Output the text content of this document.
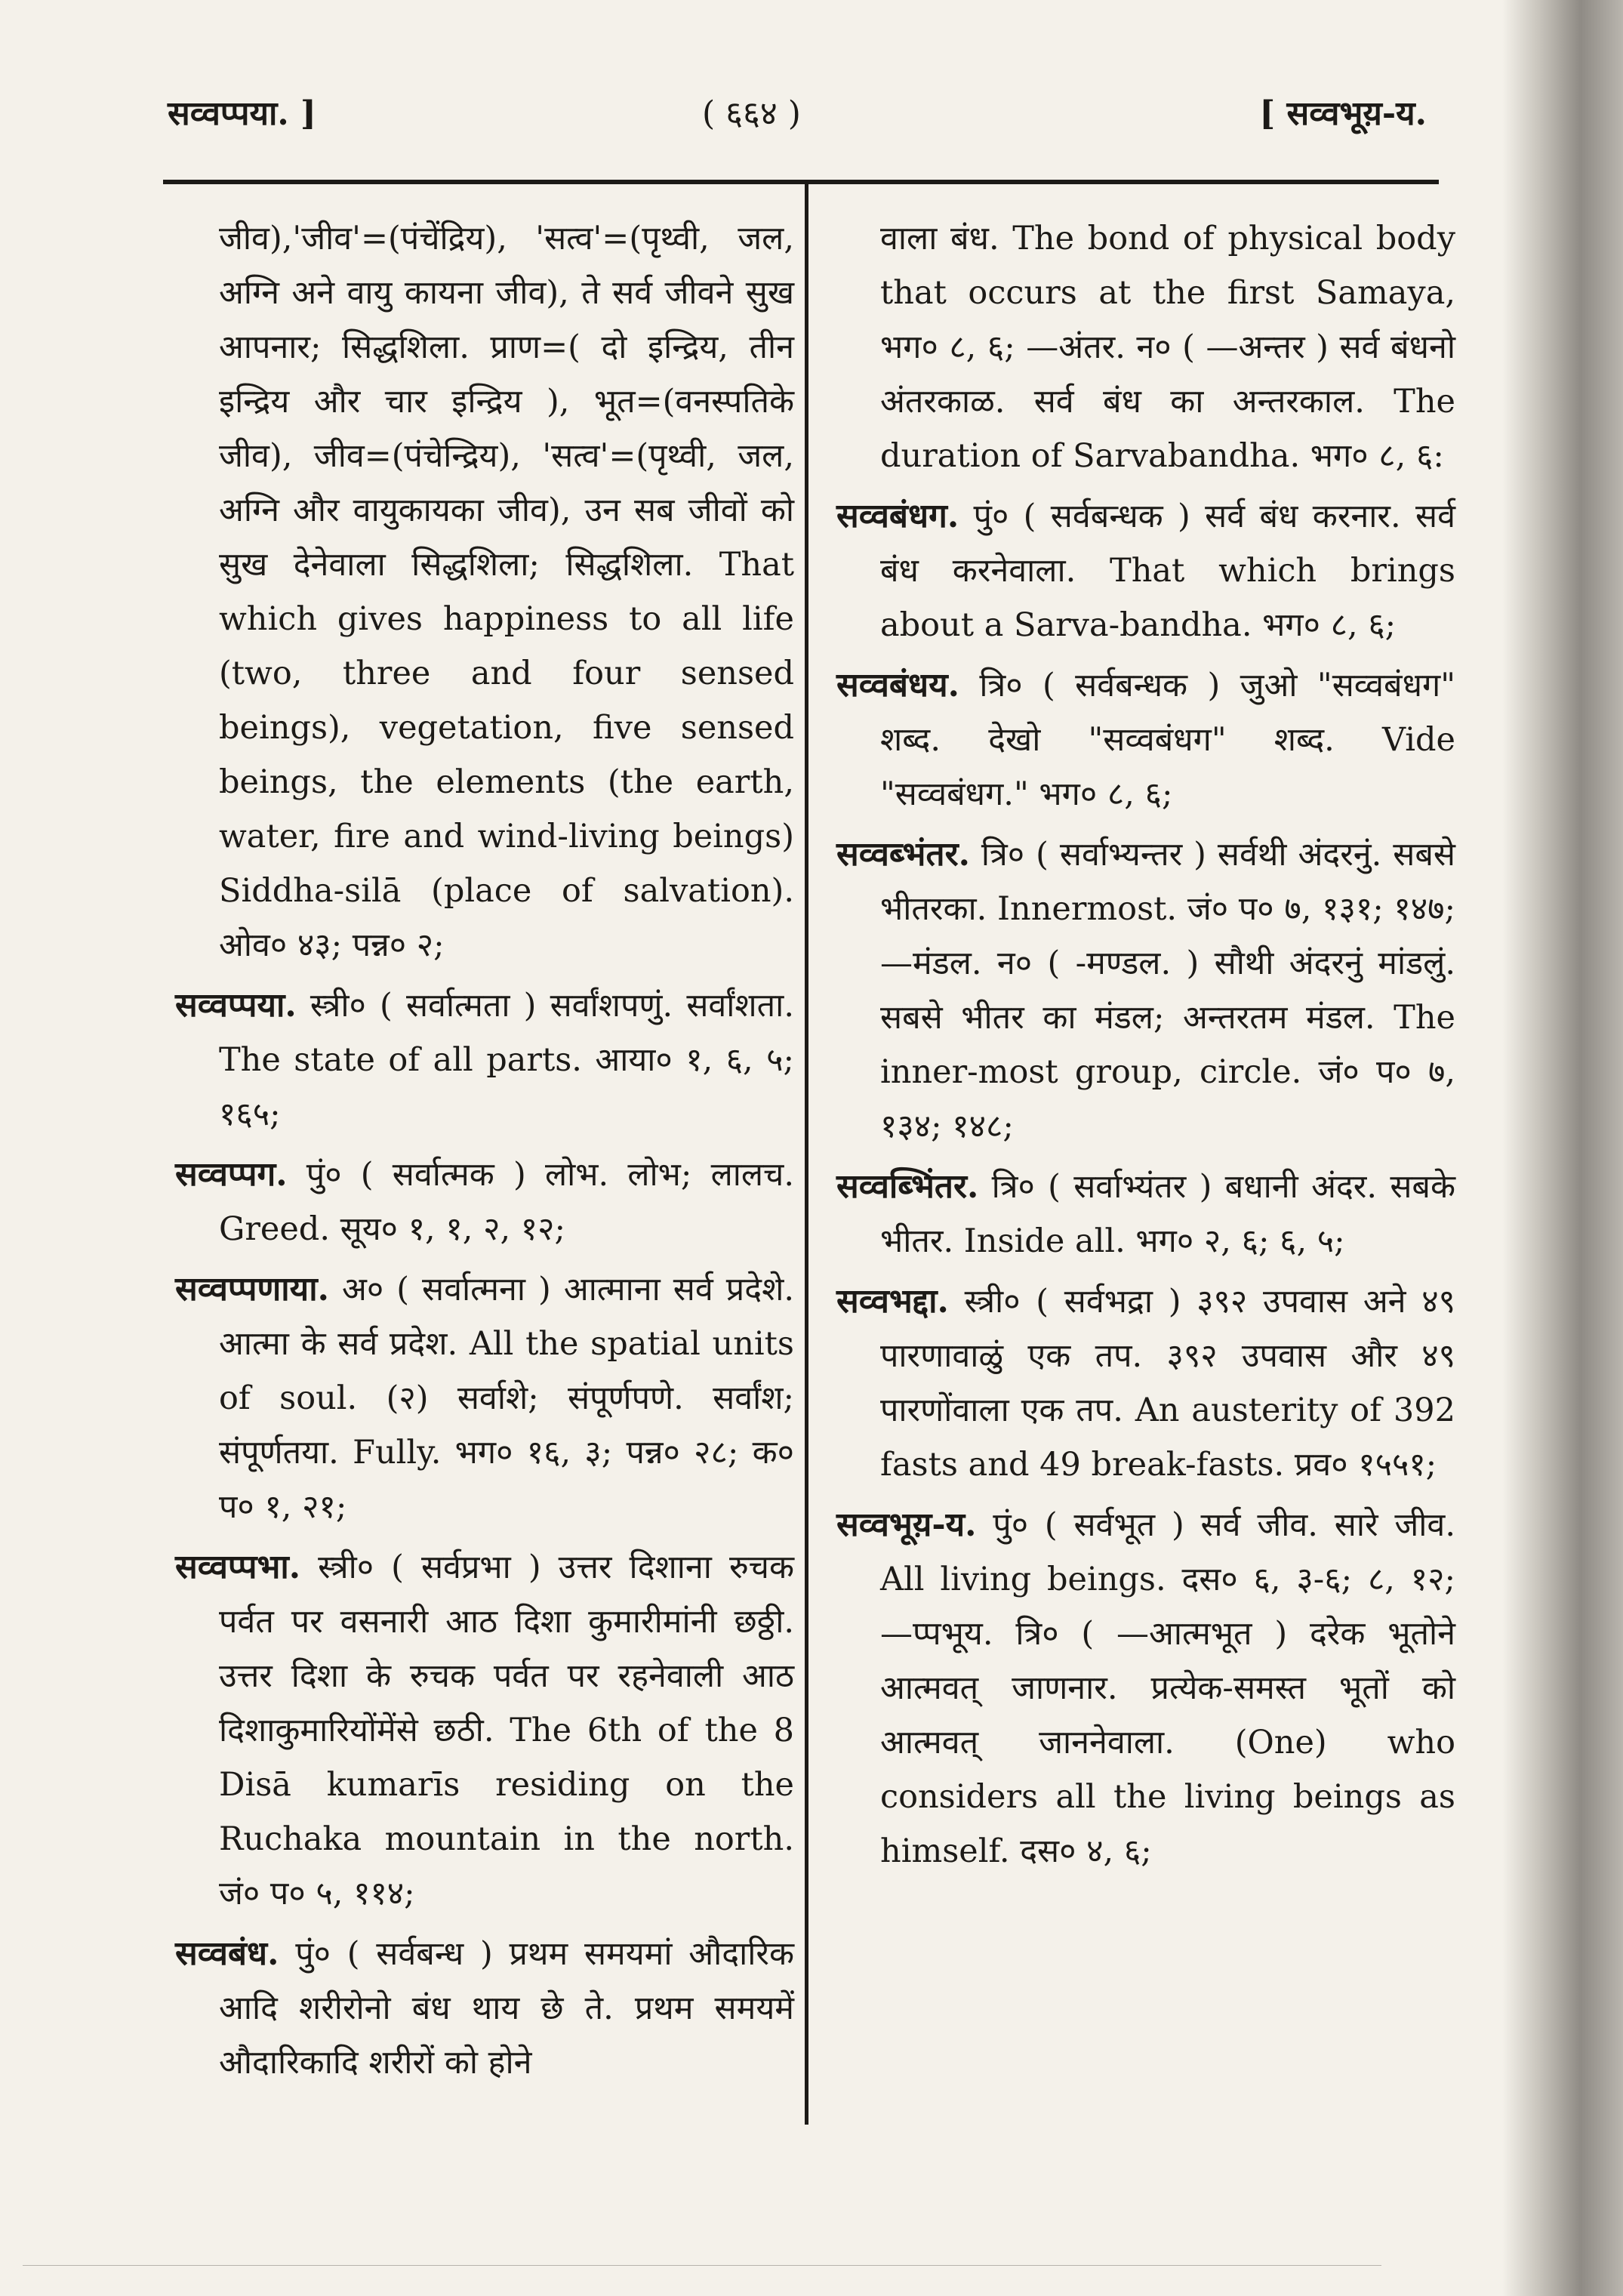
सव्वप्पया. ]	( ६६४ )	[ सव्वभूय़-य.

जीव),'जीव'=(पंचेंद्रिय), 'सत्व'=(पृथ्वी, जल, अग्नि अने वायु कायना जीव), ते सर्व जीवने सुख आपनार; सिद्धशिला. प्राण=( दो इन्द्रिय, तीन इन्द्रिय और चार इन्द्रिय ), भूत=(वनस्पतिके जीव), जीव=(पंचेन्द्रिय), 'सत्व'=(पृथ्वी, जल, अग्नि और वायुकायका जीव), उन सब जीवों को सुख देनेवाला सिद्धशिला; सिद्धशिला. That which gives happiness to all life (two, three and four sensed beings), vegetation, five sensed beings, the elements (the earth, water, fire and wind-living beings) Siddha-silā (place of salvation). ओव० ४३; पन्न० २;

सव्वप्पया. स्त्री० ( सर्वात्मता ) सर्वांशपणुं. सर्वांशता. The state of all parts. आया० १, ६, ५; १६५;

सव्वप्पग. पुं० ( सर्वात्मक ) लोभ. लोभ; लालच. Greed. सूय० १, १, २, १२;

सव्वप्पणाया. अ० ( सर्वात्मना ) आत्माना सर्व प्रदेशे. आत्मा के सर्व प्रदेश. All the spatial units of soul. (२) सर्वाशे; संपूर्णपणे. सर्वांश; संपूर्णतया. Fully. भग० १६, ३; पन्न० २८; क० प० १, २१;

सव्वप्पभा. स्त्री० ( सर्वप्रभा ) उत्तर दिशाना रुचक पर्वत पर वसनारी आठ दिशा कुमारीमांनी छठ्ठी. उत्तर दिशा के रुचक पर्वत पर रहनेवाली आठ दिशाकुमारियोंमेंसे छठी. The 6th of the 8 Disā kumarīs residing on the Ruchaka mountain in the north. जं० प० ५, ११४;

सव्वबंध. पुं० ( सर्वबन्ध ) प्रथम समयमां औदारिक आदि शरीरोनो बंध थाय छे ते. प्रथम समयमें औदारिकादि शरीरों को होने

वाला बंध. The bond of physical body that occurs at the first Samaya, भग० ८, ६; —अंतर. न० ( —अन्तर ) सर्व बंधनो अंतरकाळ. सर्व बंध का अन्तरकाल. The duration of Sarvabandha. भग० ८, ६:

सव्वबंधग. पुं० ( सर्वबन्धक ) सर्व बंध करनार. सर्व बंध करनेवाला. That which brings about a Sarva-bandha. भग० ८, ६;

सव्वबंधय. त्रि० ( सर्वबन्धक ) जुओ "सव्वबंधग" शब्द. देखो "सव्वबंधग" शब्द. Vide "सव्वबंधग." भग० ८, ६;

सव्वब्भंतर. त्रि० ( सर्वाभ्यन्तर ) सर्वथी अंदरनुं. सबसे भीतरका. Innermost. जं० प० ७, १३१; १४७; —मंडल. न० ( -मण्डल. ) सौथी अंदरनुं मांडलुं. सबसे भीतर का मंडल; अन्तरतम मंडल. The inner-most group, circle. जं० प० ७, १३४; १४८;

सव्वब्भिंतर. त्रि० ( सर्वाभ्यंतर ) बधानी अंदर. सबके भीतर. Inside all. भग० २, ६; ६, ५;

सव्वभद्दा. स्त्री० ( सर्वभद्रा ) ३९२ उपवास अने ४९ पारणावाळुं एक तप. ३९२ उपवास और ४९ पारणोंवाला एक तप. An austerity of 392 fasts and 49 break-fasts. प्रव० १५५१;

सव्वभूय़-य. पुं० ( सर्वभूत ) सर्व जीव. सारे जीव. All living beings. दस० ६, ३-६; ८, १२; —प्पभूय. त्रि० ( —आत्मभूत ) दरेक भूतोने आत्मवत् जाणनार. प्रत्येक-समस्त भूतों को आत्मवत् जाननेवाला. (One) who considers all the living beings as himself. दस० ४, ६;
